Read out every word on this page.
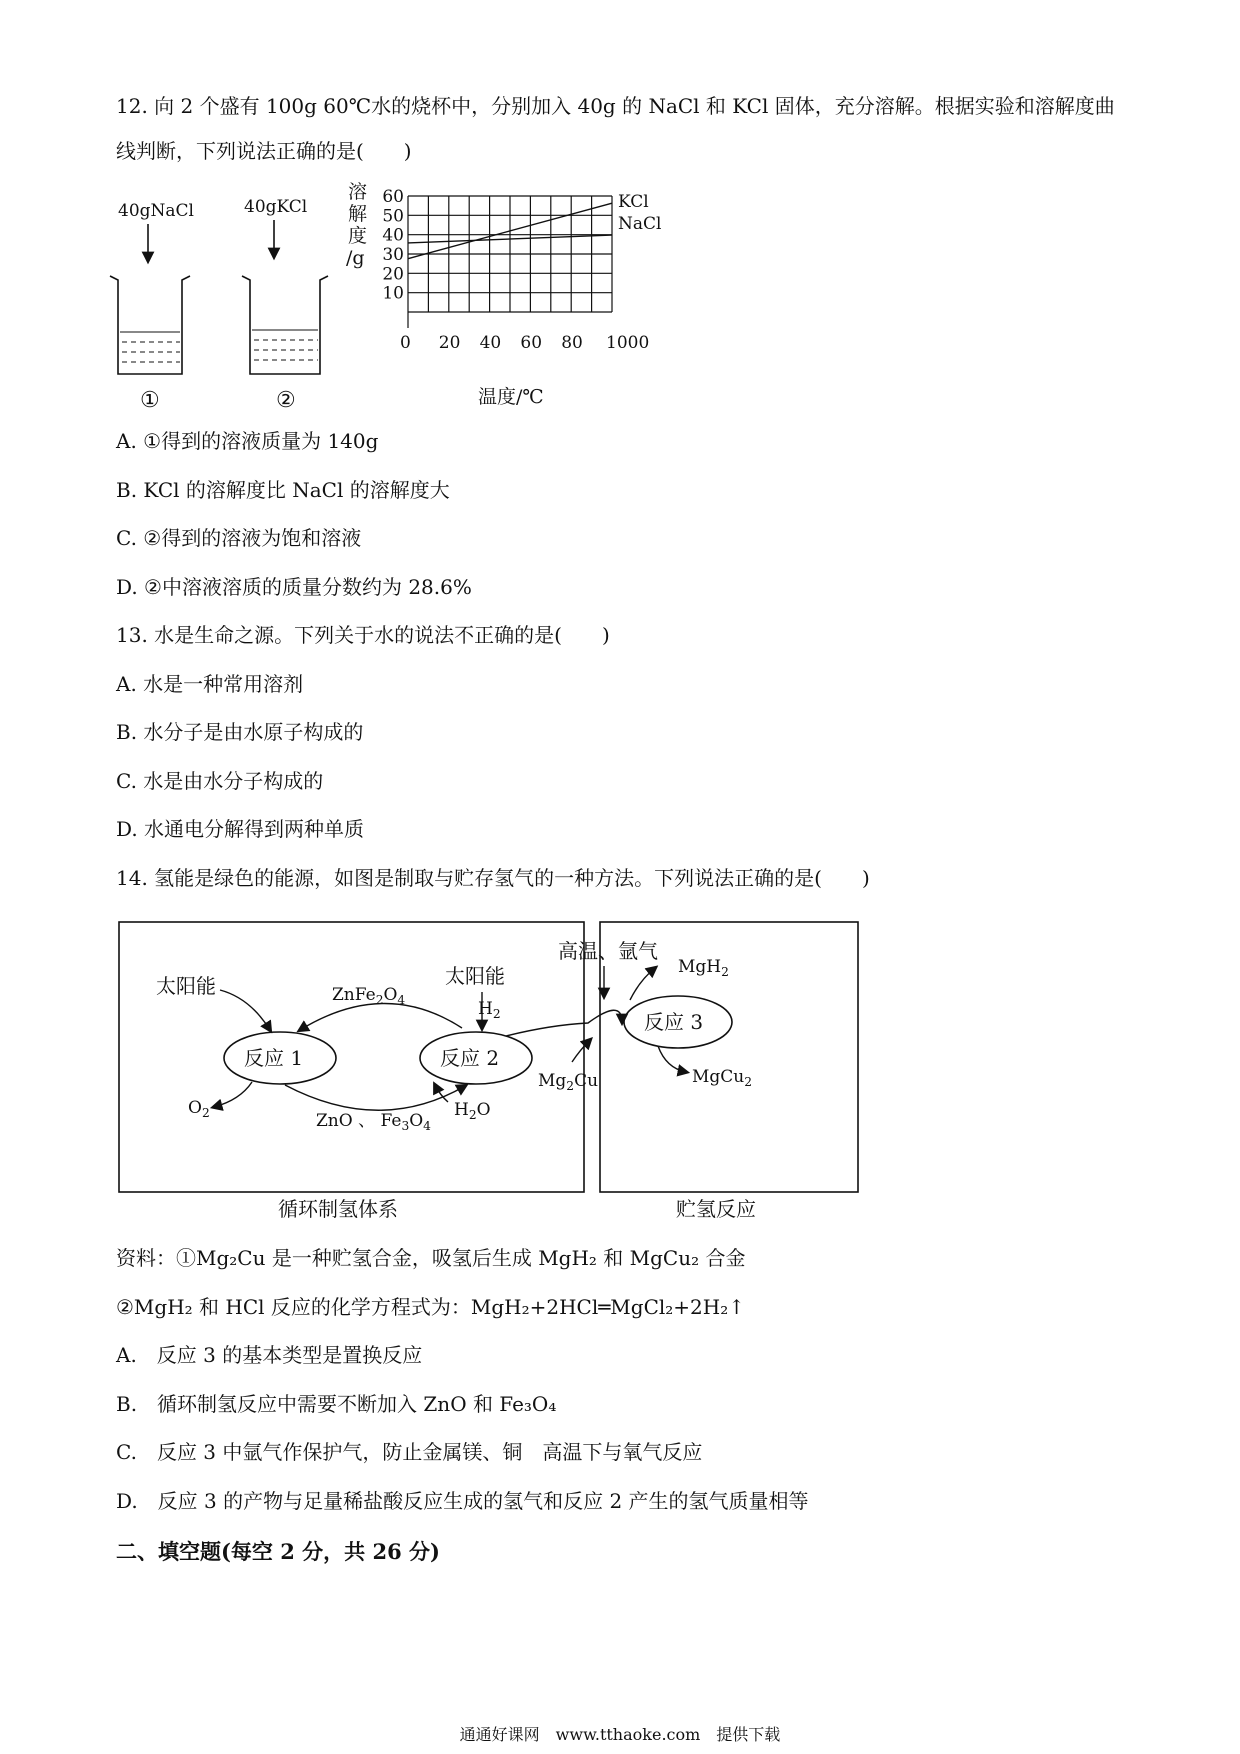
12. 向 2 个盛有 100g 60℃水的烧杯中，分别加入 40g 的 NaCl 和 KCl 固体，充分溶解。根据实验和溶解度曲
线判断，下列说法正确的是(　　)
40gNaCl
①
40gKCl
②
溶
解
度
/g
10
20
30
40
50
60
0 20 40 60 80 1000
KCl
NaCl
温度/℃
A. ①得到的溶液质量为 140g
B. KCl 的溶解度比 NaCl 的溶解度大
C. ②得到的溶液为饱和溶液
D. ②中溶液溶质的质量分数约为 28.6%
13. 水是生命之源。下列关于水的说法不正确的是(　　)
A. 水是一种常用溶剂
B. 水分子是由水原子构成的
C. 水是由水分子构成的
D. 水通电分解得到两种单质
14. 氢能是绿色的能源，如图是制取与贮存氢气的一种方法。下列说法正确的是(　　)
反应 1	反应 2
反应 3
太阳能	太阳能
$ZnFe_2O_4$
ZnO 、 $Fe_3O_4$
$O_2$	$H_2O$
$H_2$
高温、氩气
MgH$_2$
$Mg_2Cu$	MgCu$_2$
循环制氢体系	贮氢反应
资料：①Mg₂Cu 是一种贮氢合金，吸氢后生成 MgH₂ 和 MgCu₂ 合金
②MgH₂ 和 HCl 反应的化学方程式为：MgH₂+2HCl═MgCl₂+2H₂↑
A.　反应 3 的基本类型是置换反应
B.　循环制氢反应中需要不断加入 ZnO 和 Fe₃O₄
C.　反应 3 中氩气作保护气，防止金属镁、铜　高温下与氧气反应
D.　反应 3 的产物与足量稀盐酸反应生成的氢气和反应 2 产生的氢气质量相等
二、填空题(每空 2 分，共 26 分)
通通好课网　www.tthaoke.com　提供下载
